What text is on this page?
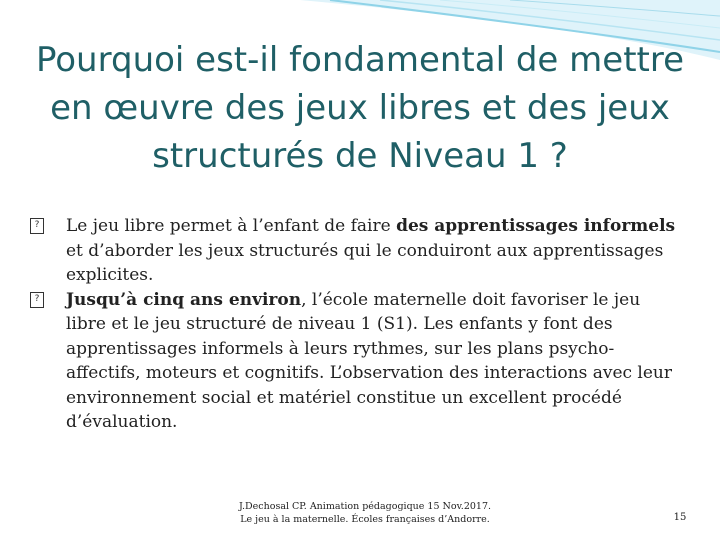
Pourquoi est-il fondamental de mettre en œuvre des jeux libres et des jeux structurés de Niveau 1 ?

? Le jeu libre permet à l’enfant de faire des apprentissages informels et d’aborder les jeux structurés qui le conduiront aux apprentissages explicites.

? Jusqu’à cinq ans environ, l’école maternelle doit favoriser le jeu libre et le jeu structuré de niveau 1 (S1). Les enfants y font des apprentissages informels à leurs rythmes, sur les plans psycho-affectifs, moteurs et cognitifs. L’observation des interactions avec leur environnement social et matériel constitue un excellent procédé d’évaluation.

J.Dechosal CP. Animation pédagogique 15 Nov.2017.
Le jeu à la maternelle. Écoles françaises d’Andorre.	15
